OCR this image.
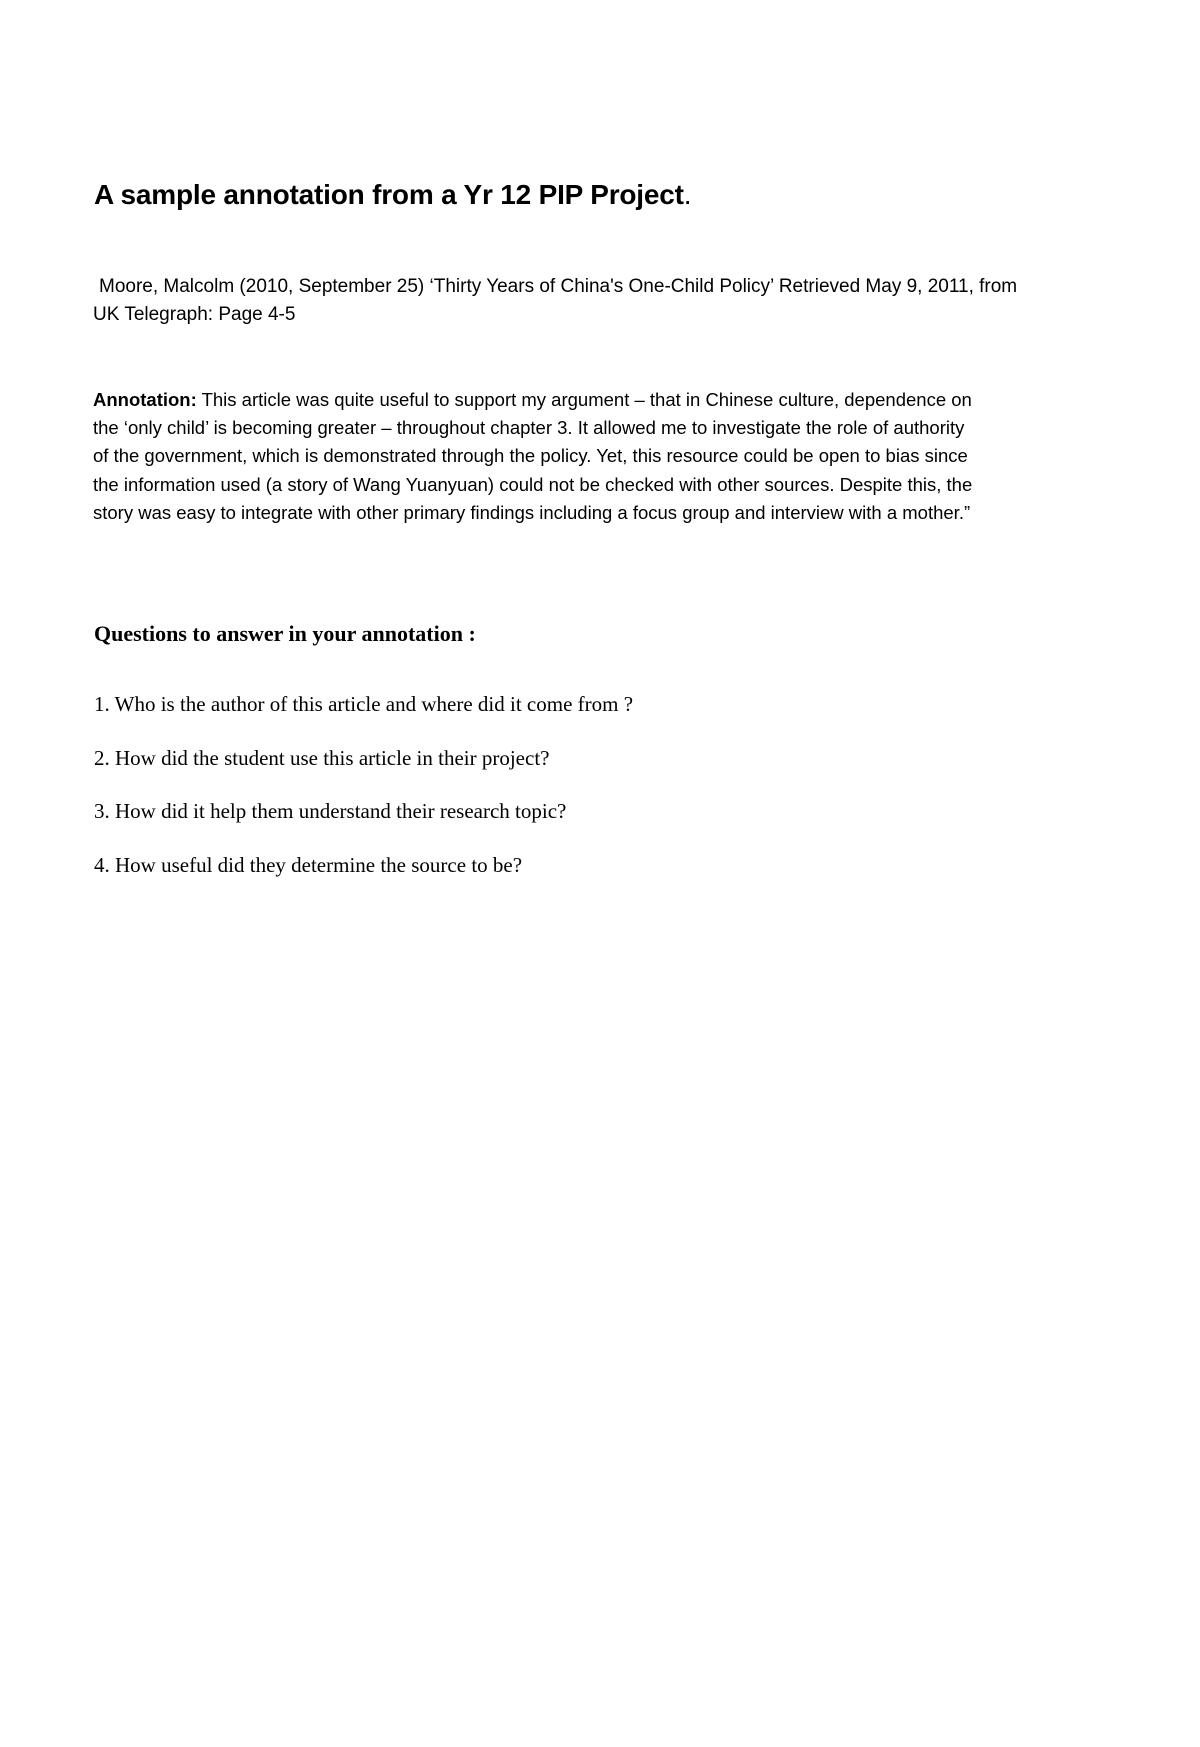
A sample annotation from a Yr 12 PIP Project.

Moore, Malcolm (2010, September 25) ‘Thirty Years of China's One-Child Policy’ Retrieved May 9, 2011, from
UK Telegraph: Page 4-5

Annotation: This article was quite useful to support my argument – that in Chinese culture, dependence on
the ‘only child’ is becoming greater – throughout chapter 3. It allowed me to investigate the role of authority
of the government, which is demonstrated through the policy. Yet, this resource could be open to bias since
the information used (a story of Wang Yuanyuan) could not be checked with other sources. Despite this, the
story was easy to integrate with other primary findings including a focus group and interview with a mother.”

Questions to answer in your annotation :
1. Who is the author of this article and where did it come from ?
2. How did the student use this article in their project?
3. How did it help them understand their research topic?
4. How useful did they determine the source to be?
